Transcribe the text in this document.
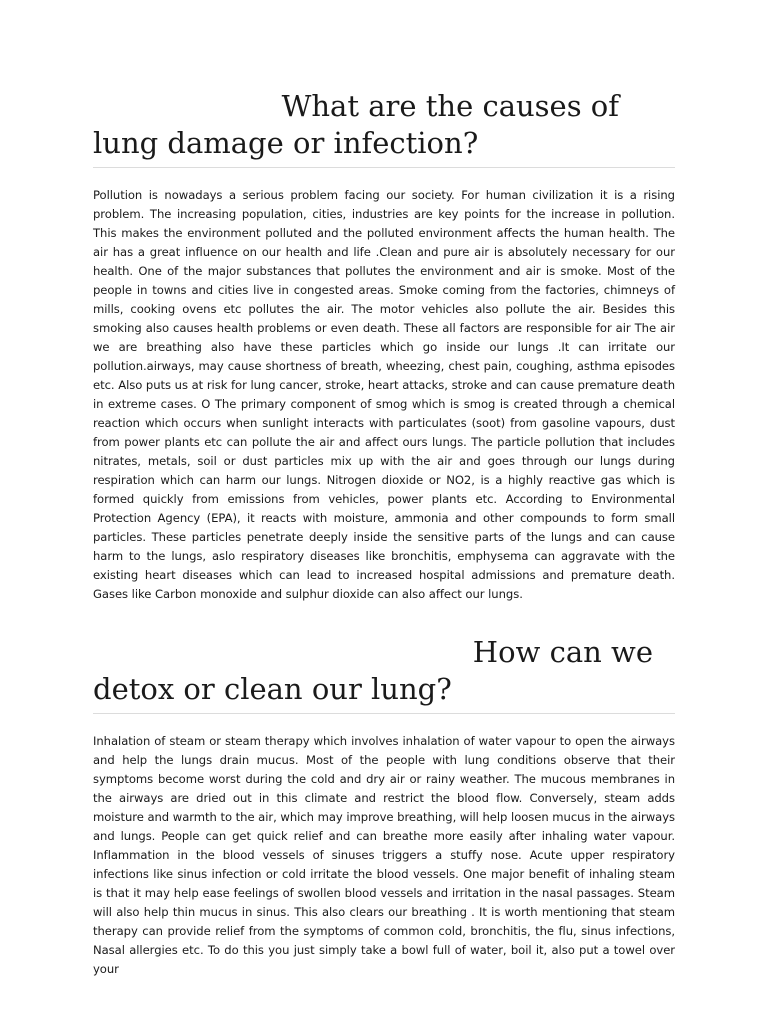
What are the causes of
lung damage or infection?

Pollution is nowadays a serious problem facing our society. For human civilization it is a rising problem. The increasing population, cities, industries are key points for the increase in pollution. This makes the environment polluted and the polluted environment affects the human health. The air has a great influence on our health and life .Clean and pure air is absolutely necessary for our health. One of the major substances that pollutes the environment and air is smoke. Most of the people in towns and cities live in congested areas. Smoke coming from the factories, chimneys of mills, cooking ovens etc pollutes the air. The motor vehicles also pollute the air. Besides this smoking also causes health problems or even death. These all factors are responsible for air The air we are breathing also have these particles which go inside our lungs .It can irritate our pollution.airways, may cause shortness of breath, wheezing, chest pain, coughing, asthma episodes etc. Also puts us at risk for lung cancer, stroke, heart attacks, stroke and can cause premature death in extreme cases. O The primary component of smog which is smog is created through a chemical reaction which occurs when sunlight interacts with particulates (soot) from gasoline vapours, dust from power plants etc can pollute the air and affect ours lungs. The particle pollution that includes nitrates, metals, soil or dust particles mix up with the air and goes through our lungs during respiration which can harm our lungs. Nitrogen dioxide or NO2, is a highly reactive gas which is formed quickly from emissions from vehicles, power plants etc. According to Environmental Protection Agency (EPA), it reacts with moisture, ammonia and other compounds to form small particles. These particles penetrate deeply inside the sensitive parts of the lungs and can cause harm to the lungs, aslo respiratory diseases like bronchitis, emphysema can aggravate with the existing heart diseases which can lead to increased hospital admissions and premature death. Gases like Carbon monoxide and sulphur dioxide can also affect our lungs.

How can we
detox or clean our lung?

Inhalation of steam or steam therapy which involves inhalation of water vapour to open the airways and help the lungs drain mucus. Most of the people with lung conditions observe that their symptoms become worst during the cold and dry air or rainy weather. The mucous membranes in the airways are dried out in this climate and restrict the blood flow. Conversely, steam adds moisture and warmth to the air, which may improve breathing, will help loosen mucus in the airways and lungs. People can get quick relief and can breathe more easily after inhaling water vapour. Inflammation in the blood vessels of sinuses triggers a stuffy nose. Acute upper respiratory infections like sinus infection or cold irritate the blood vessels. One major benefit of inhaling steam is that it may help ease feelings of swollen blood vessels and irritation in the nasal passages. Steam will also help thin mucus in sinus. This also clears our breathing . It is worth mentioning that steam therapy can provide relief from the symptoms of common cold, bronchitis, the flu, sinus infections, Nasal allergies etc. To do this you just simply take a bowl full of water, boil it, also put a towel over your
